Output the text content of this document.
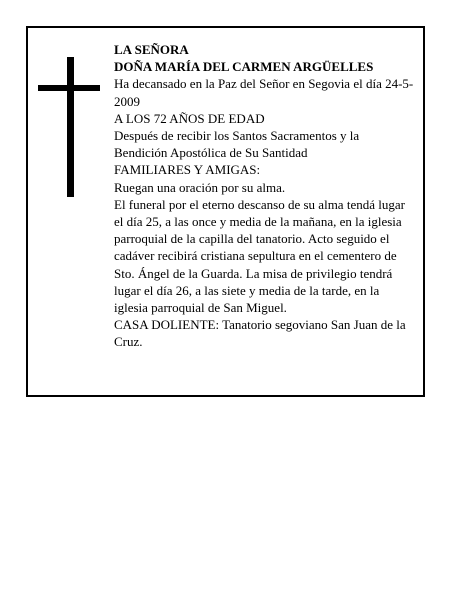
LA SEÑORA

DOÑA MARÍA DEL CARMEN ARGÜELLES

Ha decansado en la Paz del Señor en Segovia el día 24-5-2009

A LOS 72 AÑOS DE EDAD

Después de recibir los Santos Sacramentos y la Bendición Apostólica de Su Santidad

FAMILIARES Y AMIGAS:

Ruegan una oración por su alma.

El funeral por el eterno descanso de su alma tendá lugar el día 25, a las once y media de la mañana, en la iglesia parroquial de la capilla del tanatorio. Acto seguido el cadáver recibirá cristiana sepultura en el cementero de Sto. Ángel de la Guarda. La misa de privilegio tendrá lugar el día 26, a las siete y media de la tarde, en la iglesia parroquial de San Miguel.

CASA DOLIENTE: Tanatorio segoviano San Juan de la Cruz.
